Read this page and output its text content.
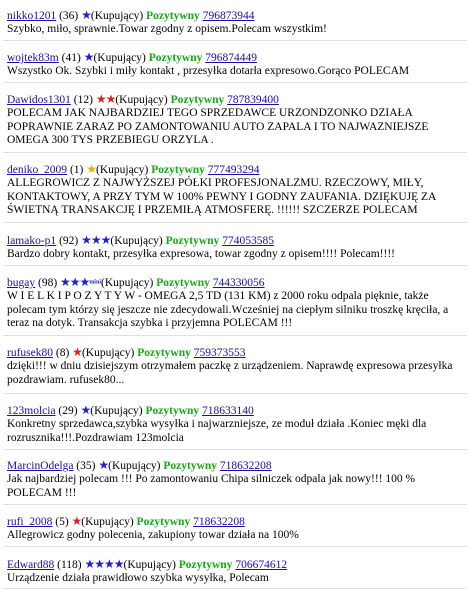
nikko1201 (36) ★(Kupujący) Pozytywny 796873944
Szybko, miło, sprawnie.Towar zgodny z opisem.Polecam wszystkim!
wojtek83m (41) ★(Kupujący) Pozytywny 796874449
Wszystko Ok. Szybki i miły kontakt , przesyłka dotarła expresowo.Gorąco POLECAM
Dawidos1301 (12) ★★(Kupujący) Pozytywny 787839400
POLECAM JAK NAJBARDZIEJ TEGO SPRZEDAWCE URZONDZONKO DZIAŁA POPRAWNIE ZARAZ PO ZAMONTOWANIU AUTO ZAPALA I TO NAJWAZNIEJSZE OMEGA 300 TYS PRZEBIEGU ORZYLA .
deniko_2009 (1) ★(Kupujący) Pozytywny 777493294
ALLEGROWICZ Z NAJWYŻSZEJ PÓŁKI PROFESJONALZMU. RZECZOWY, MIŁY, KONTAKTOWY, A PRZY TYM W 100% PEWNY I GODNY ZAUFANIA. DZIĘKUJĘ ZA ŚWIETNĄ TRANSAKCJĘ I PRZEMIŁĄ ATMOSFERĘ. !!!!!! SZCZERZE POLECAM
lamako-p1 (92) ★★★(Kupujący) Pozytywny 774053585
Bardzo dobry kontakt, przesyłka expresowa, towar zgodny z opisem!!!! Polecam!!!!
bugay (98) ★★★mini(Kupujący) Pozytywny 744330056
W I E L K I P O Z Y T Y W - OMEGA 2,5 TD (131 KM) z 2000 roku odpala pięknie, także polecam tym którzy się jeszcze nie zdecydowali.Wcześniej na ciepłym silniku troszkę kręciła, a teraz na dotyk. Transakcja szybka i przyjemna POLECAM !!!
rufusek80 (8) ★(Kupujący) Pozytywny 759373553
dzięki!!! w dniu dzisiejszym otrzymałem paczkę z urządzeniem. Naprawdę expresowa przesyłka pozdrawiam. rufusek80...
123molcia (29) ★(Kupujący) Pozytywny 718633140
Konkretny sprzedawca,szybka wysyłka i najwarzniejsze, ze moduł działa .Koniec męki dla rozrusznika!!!.Pozdrawiam 123molcia
MarcinOdelga (35) ★(Kupujący) Pozytywny 718632208
Jak najbardziej polecam !!! Po zamontowaniu Chipa silniczek odpala jak nowy!!! 100 % POLECAM !!!
rufi_2008 (5) ★(Kupujący) Pozytywny 718632208
Allegrowicz godny polecenia, zakupiony towar działa na 100%
Edward88 (118) ★★★★(Kupujący) Pozytywny 706674612
Urządzenie działa prawidłowo szybka wysyłka, Polecam
